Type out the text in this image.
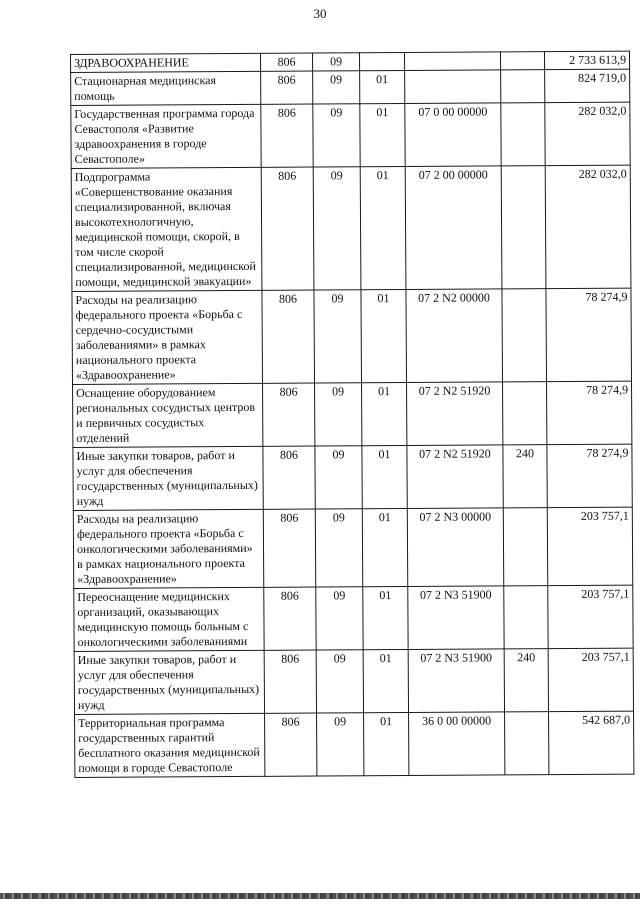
30
ЗДРАВООХРАНЕНИЕ	806	09				2 733 613,9
Стационарная медицинская помощь	806	09	01			824 719,0
Государственная программа города Севастополя «Развитие здравоохранения в городе Севастополе»	806	09	01	07 0 00 00000		282 032,0
Подпрограмма «Совершенствование оказания специализированной, включая высокотехнологичную, медицинской помощи, скорой, в том числе скорой специализированной, медицинской помощи, медицинской эвакуации»	806	09	01	07 2 00 00000		282 032,0
Расходы на реализацию федерального проекта «Борьба с сердечно-сосудистыми заболеваниями» в рамках национального проекта «Здравоохранение»	806	09	01	07 2 N2 00000		78 274,9
Оснащение оборудованием региональных сосудистых центров и первичных сосудистых отделений	806	09	01	07 2 N2 51920		78 274,9
Иные закупки товаров, работ и услуг для обеспечения государственных (муниципальных) нужд	806	09	01	07 2 N2 51920	240	78 274,9
Расходы на реализацию федерального проекта «Борьба с онкологическими заболеваниями» в рамках национального проекта «Здравоохранение»	806	09	01	07 2 N3 00000		203 757,1
Переоснащение медицинских организаций, оказывающих медицинскую помощь больным с онкологическими заболеваниями	806	09	01	07 2 N3 51900		203 757,1
Иные закупки товаров, работ и услуг для обеспечения государственных (муниципальных) нужд	806	09	01	07 2 N3 51900	240	203 757,1
Территориальная программа государственных гарантий бесплатного оказания медицинской помощи в городе Севастополе	806	09	01	36 0 00 00000		542 687,0
